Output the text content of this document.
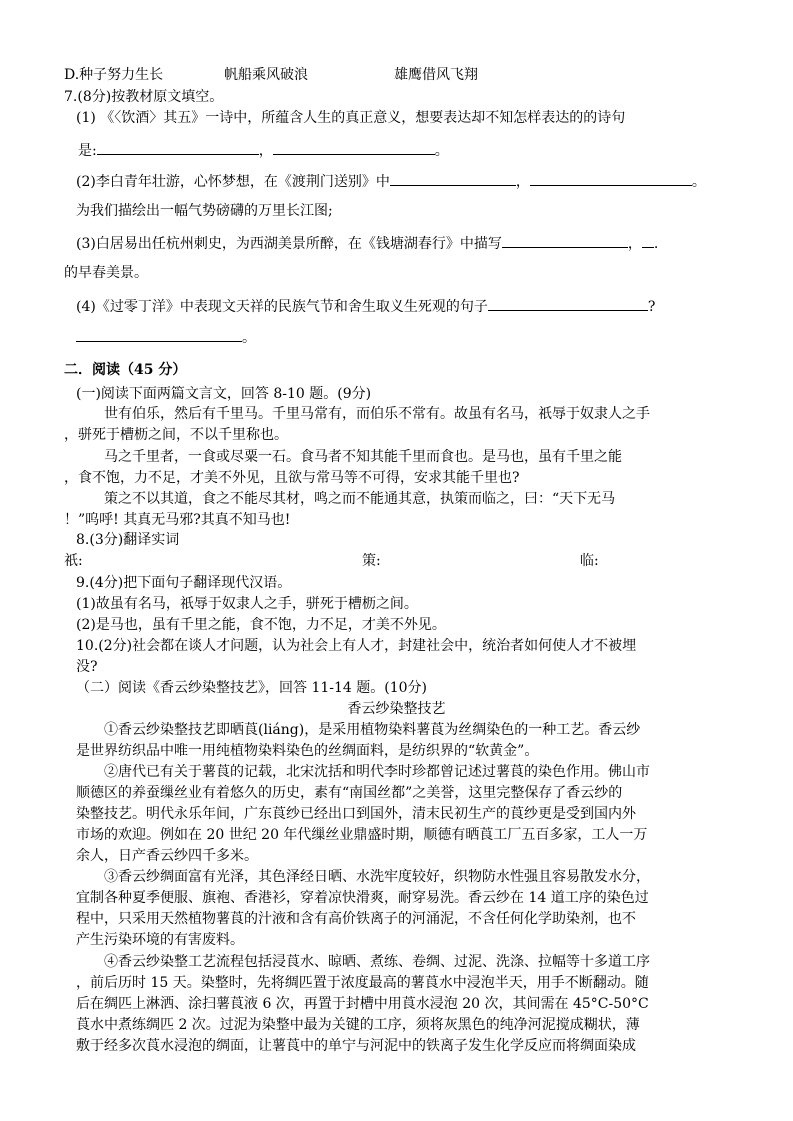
D.种子努力生长	帆船乘风破浪	雄鹰借风飞翔
7.(8分)按教材原文填空。
(1) 《〈饮酒〉其五》一诗中，所蕴含人生的真正意义，想要表达却不知怎样表达的的诗句
是:	，	。
(2)李白青年壮游，心怀梦想，在《渡荆门送别》中	，	。
为我们描绘出一幅气势磅礴的万里长江图;
(3)白居易出任杭州刺史，为西湖美景所醉，在《钱塘湖春行》中描写	， .
的早春美景。
(4)《过零丁洋》中表现文天祥的民族气节和舍生取义生死观的句子	?
。
二．阅读（45 分）
(一)阅读下面两篇文言文，回答 8-10 题。(9分)
世有伯乐，然后有千里马。千里马常有，而伯乐不常有。故虽有名马，祇辱于奴隶人之手
，骈死于槽枥之间，不以千里称也。
马之千里者，一食或尽粟一石。食马者不知其能千里而食也。是马也，虽有千里之能
，食不饱，力不足，才美不外见，且欲与常马等不可得，安求其能千里也?
策之不以其道，食之不能尽其材，鸣之而不能通其意，执策而临之，曰：“天下无马
！”呜呼! 其真无马邪?其真不知马也!
8.(3分)翻译实词
祇:	策:	临:
9.(4分)把下面句子翻译现代汉语。
(1)故虽有名马，祇辱于奴隶人之手，骈死于槽枥之间。
(2)是马也，虽有千里之能，食不饱，力不足，才美不外见。
10.(2分)社会都在谈人才问题，认为社会上有人才，封建社会中，统治者如何使人才不被埋
没?
（二）阅读《香云纱染整技艺》，回答 11-14 题。(10分)
香云纱染整技艺
①香云纱染整技艺即晒莨(liáng)，是采用植物染料薯莨为丝绸染色的一种工艺。香云纱
是世界纺织品中唯一用纯植物染料染色的丝绸面料，是纺织界的“软黄金”。
②唐代已有关于薯莨的记载，北宋沈括和明代李时珍都曾记述过薯莨的染色作用。佛山市
顺德区的养蚕缫丝业有着悠久的历史，素有“南国丝都”之美誉，这里完整保存了香云纱的
染整技艺。明代永乐年间，广东莨纱已经出口到国外，清末民初生产的莨纱更是受到国内外
市场的欢迎。例如在 20 世纪 20 年代缫丝业鼎盛时期，顺德有晒莨工厂五百多家，工人一万
余人，日产香云纱四千多米。
③香云纱绸面富有光泽，其色泽经日晒、水洗牢度较好，织物防水性强且容易散发水分，
宜制各种夏季便服、旗袍、香港衫，穿着凉快滑爽，耐穿易洗。香云纱在 14 道工序的染色过
程中，只采用天然植物薯莨的汁液和含有高价铁离子的河涌泥，不含任何化学助染剂，也不
产生污染环境的有害废料。
④香云纱染整工艺流程包括浸莨水、晾晒、煮练、卷绸、过泥、洗涤、拉幅等十多道工序
，前后历时 15 天。染整时，先将绸匹置于浓度最高的薯莨水中浸泡半天，用手不断翻动。随
后在绸匹上淋洒、涂扫薯莨液 6 次，再置于封槽中用莨水浸泡 20 次，其间需在 45°C-50°C
莨水中煮练绸匹 2 次。过泥为染整中最为关键的工序，须将灰黑色的纯净河泥搅成糊状，薄
敷于经多次莨水浸泡的绸面，让薯莨中的单宁与河泥中的铁离子发生化学反应而将绸面染成
